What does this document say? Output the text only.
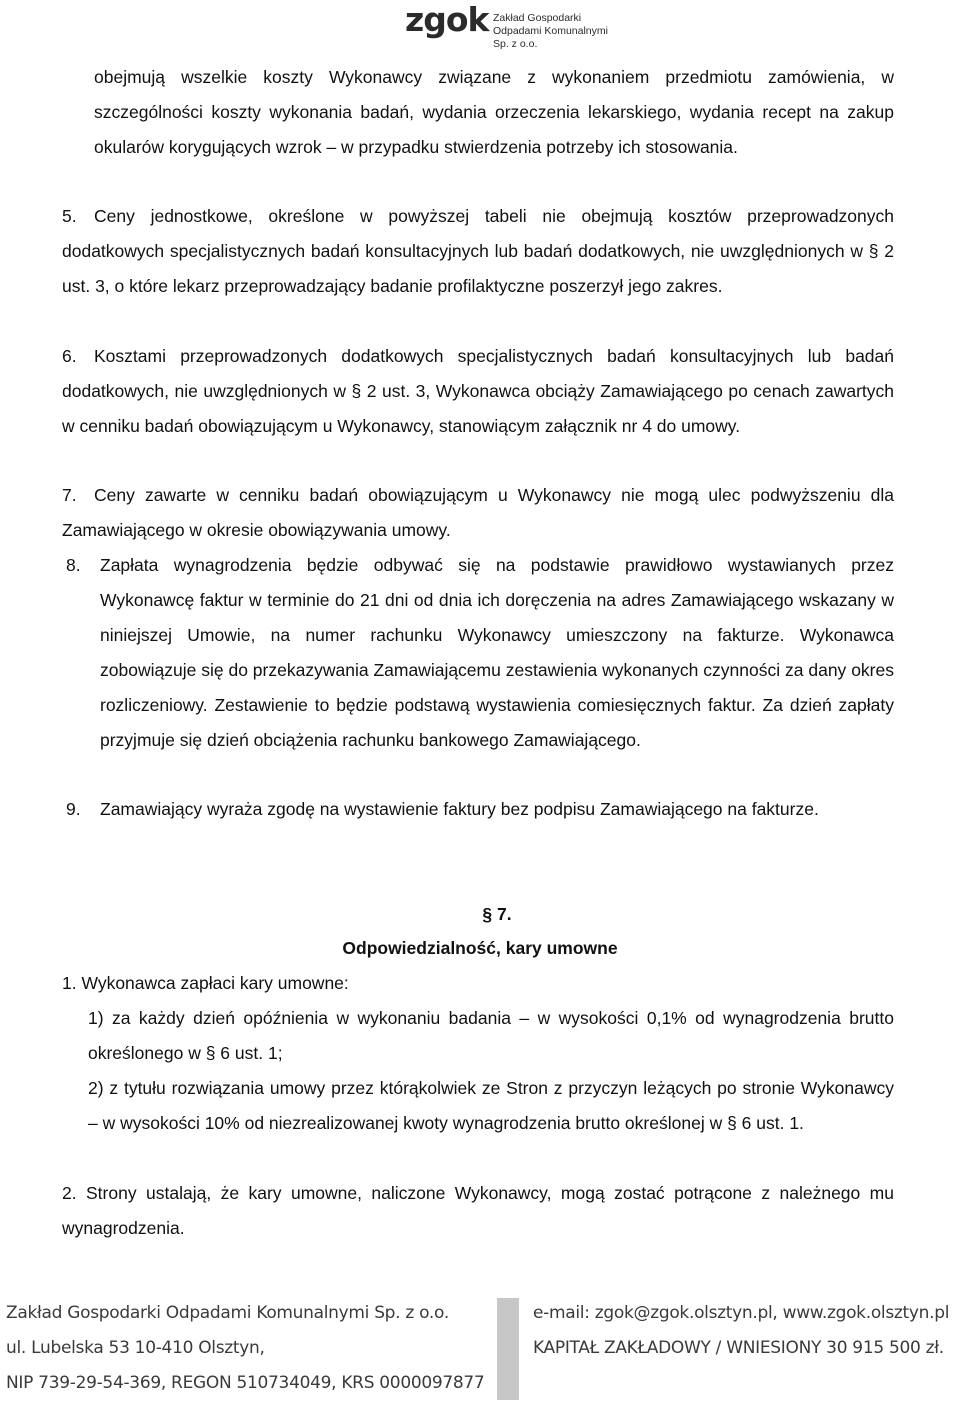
zgok Zakład Gospodarki
Odpadami Komunalnymi Sp. z o.o.

obejmują wszelkie koszty Wykonawcy związane z wykonaniem przedmiotu zamówienia, w szczególności koszty wykonania badań, wydania orzeczenia lekarskiego, wydania recept na zakup okularów korygujących wzrok – w przypadku stwierdzenia potrzeby ich stosowania.

5. Ceny jednostkowe, określone w powyższej tabeli nie obejmują kosztów przeprowadzonych dodatkowych specjalistycznych badań konsultacyjnych lub badań dodatkowych, nie uwzględnionych w § 2 ust. 3, o które lekarz przeprowadzający badanie profilaktyczne poszerzył jego zakres.
6. Kosztami przeprowadzonych dodatkowych specjalistycznych badań konsultacyjnych lub badań dodatkowych, nie uwzględnionych w § 2 ust. 3, Wykonawca obciąży Zamawiającego po cenach zawartych w cenniku badań obowiązującym u Wykonawcy, stanowiącym załącznik nr 4 do umowy.
7. Ceny zawarte w cenniku badań obowiązującym u Wykonawcy nie mogą ulec podwyższeniu dla Zamawiającego w okresie obowiązywania umowy.
8. Zapłata wynagrodzenia będzie odbywać się na podstawie prawidłowo wystawianych przez Wykonawcę faktur w terminie do 21 dni od dnia ich doręczenia na adres Zamawiającego wskazany w niniejszej Umowie, na numer rachunku Wykonawcy umieszczony na fakturze. Wykonawca zobowiązuje się do przekazywania Zamawiającemu zestawienia wykonanych czynności za dany okres rozliczeniowy. Zestawienie to będzie podstawą wystawienia comiesięcznych faktur. Za dzień zapłaty przyjmuje się dzień obciążenia rachunku bankowego Zamawiającego.
9. Zamawiający wyraża zgodę na wystawienie faktury bez podpisu Zamawiającego na fakturze.
§ 7.
Odpowiedzialność, kary umowne

1. Wykonawca zapłaci kary umowne:

1) za każdy dzień opóźnienia w wykonaniu badania – w wysokości 0,1% od wynagrodzenia brutto określonego w § 6 ust. 1;

2) z tytułu rozwiązania umowy przez którąkolwiek ze Stron z przyczyn leżących po stronie Wykonawcy – w wysokości 10% od niezrealizowanej kwoty wynagrodzenia brutto określonej w § 6 ust. 1.

2. Strony ustalają, że kary umowne, naliczone Wykonawcy, mogą zostać potrącone z należnego mu wynagrodzenia.

Zakład Gospodarki Odpadami Komunalnymi Sp. z o.o.
ul. Lubelska 53 10-410 Olsztyn,
NIP 739-29-54-369, REGON 510734049, KRS 0000097877
e-mail: zgok@zgok.olsztyn.pl, www.zgok.olsztyn.pl
KAPITAŁ ZAKŁADOWY / WNIESIONY 30 915 500 zł.
